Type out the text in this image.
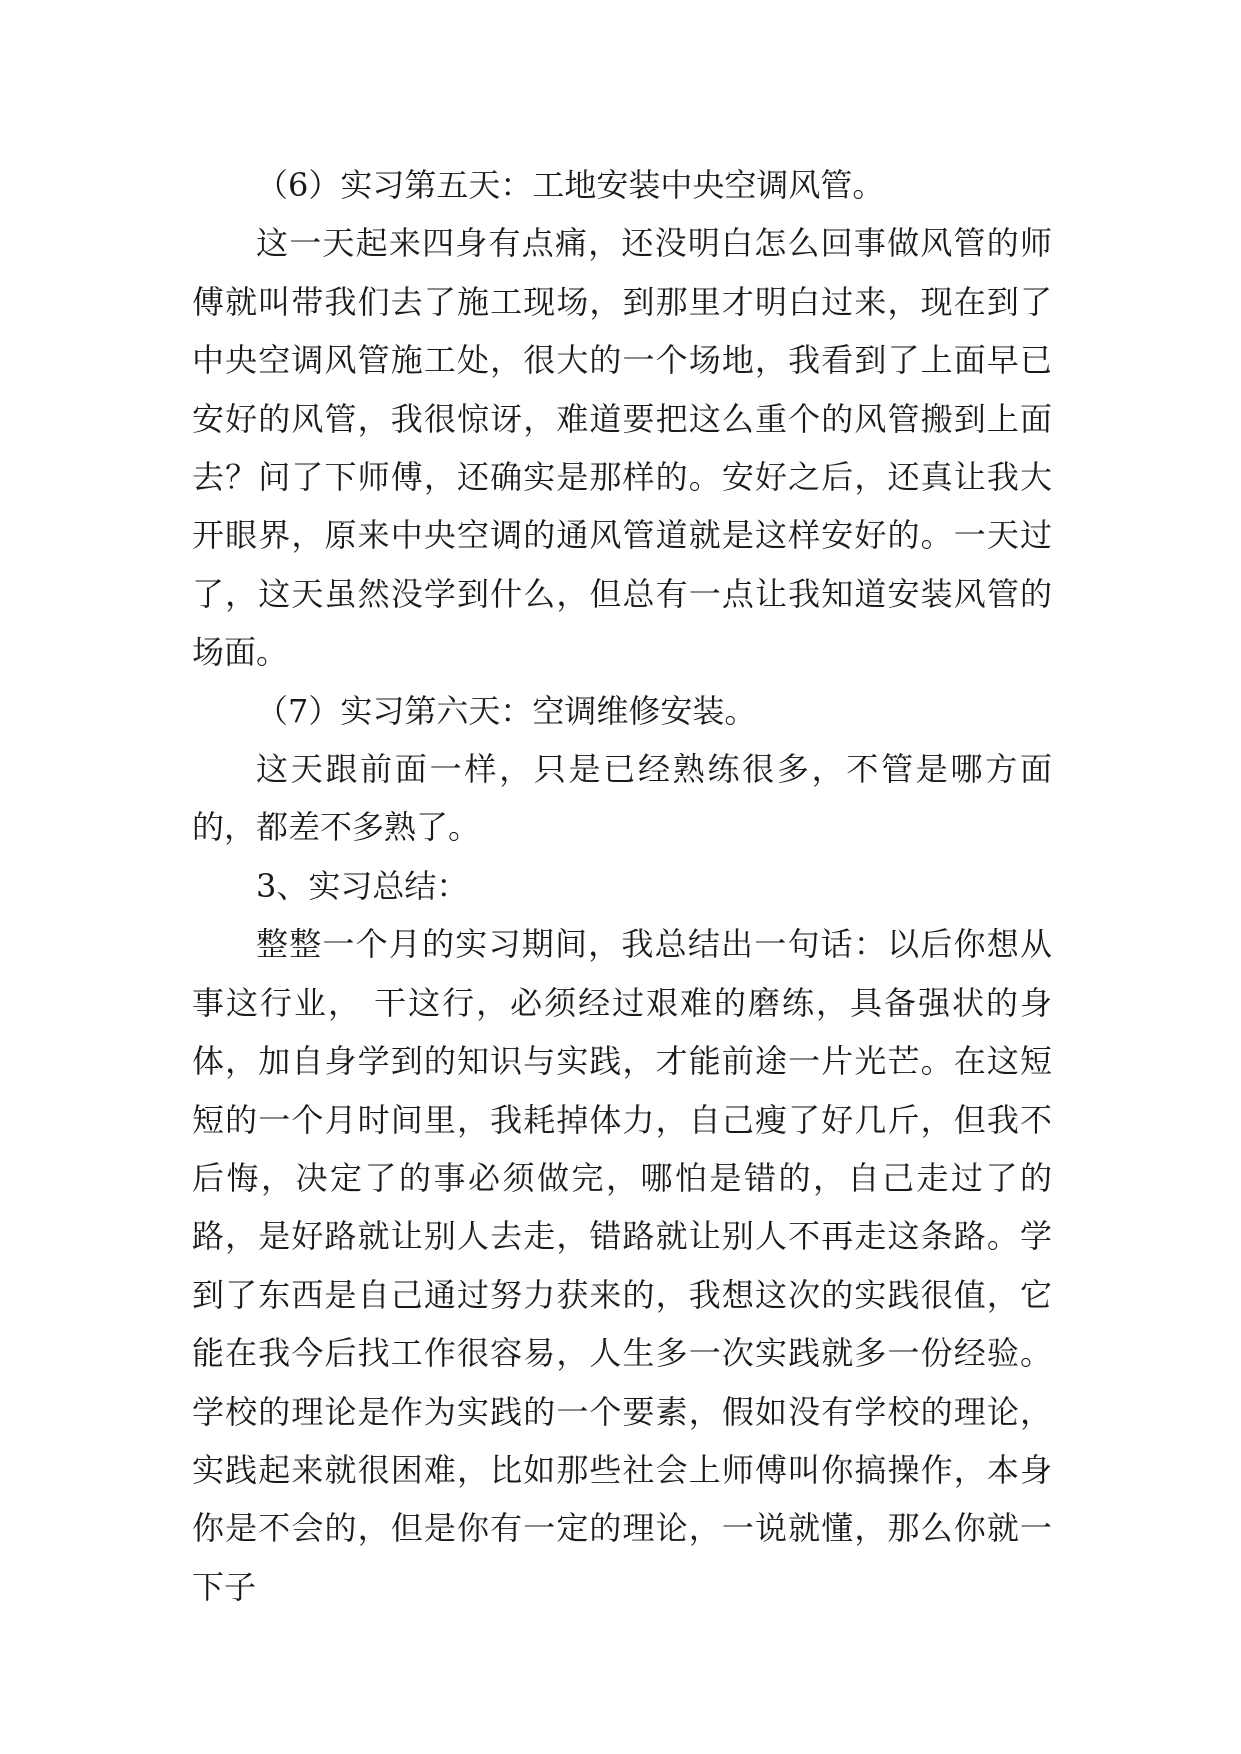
（6）实习第五天：工地安装中央空调风管。

这一天起来四身有点痛，还没明白怎么回事做风管的师傅就叫带我们去了施工现场，到那里才明白过来，现在到了中央空调风管施工处，很大的一个场地，我看到了上面早已安好的风管，我很惊讶，难道要把这么重个的风管搬到上面去？问了下师傅，还确实是那样的。安好之后，还真让我大开眼界，原来中央空调的通风管道就是这样安好的。一天过了，这天虽然没学到什么，但总有一点让我知道安装风管的场面。

（7）实习第六天：空调维修安装。

这天跟前面一样，只是已经熟练很多，不管是哪方面的，都差不多熟了。

3、实习总结：

整整一个月的实习期间，我总结出一句话：以后你想从事这行业， 干这行，必须经过艰难的磨练，具备强状的身体，加自身学到的知识与实践，才能前途一片光芒。在这短短的一个月时间里，我耗掉体力，自己瘦了好几斤，但我不后悔，决定了的事必须做完，哪怕是错的，自己走过了的路，是好路就让别人去走，错路就让别人不再走这条路。学到了东西是自己通过努力获来的，我想这次的实践很值，它能在我今后找工作很容易，人生多一次实践就多一份经验。学校的理论是作为实践的一个要素，假如没有学校的理论，实践起来就很困难，比如那些社会上师傅叫你搞操作，本身你是不会的，但是你有一定的理论，一说就懂，那么你就一下子
